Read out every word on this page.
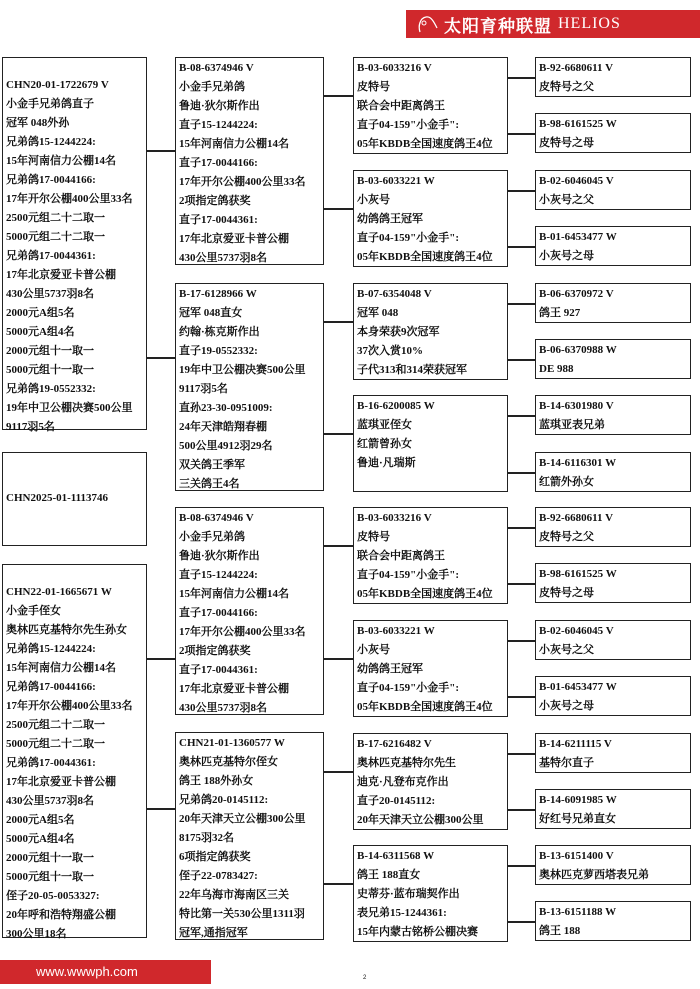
太阳育种联盟 HELIOS
CHN20-01-1722679 V
小金手兄弟鸽直子
冠军 048外孙
兄弟鸽15-1244224:
15年河南信力公棚14名
兄弟鸽17-0044166:
17年开尔公棚400公里33名
2500元组二十二取一
5000元组二十二取一
兄弟鸽17-0044361:
17年北京爱亚卡普公棚
430公里5737羽8名
2000元A组5名
5000元A组4名
2000元组十一取一
5000元组十一取一
兄弟鸽19-0552332:
19年中卫公棚决赛500公里
9117羽5名
CHN2025-01-1113746
CHN22-01-1665671 W
小金手侄女
奥林匹克基特尔先生孙女
兄弟鸽15-1244224:
15年河南信力公棚14名
兄弟鸽17-0044166:
17年开尔公棚400公里33名
2500元组二十二取一
5000元组二十二取一
兄弟鸽17-0044361:
17年北京爱亚卡普公棚
430公里5737羽8名
2000元A组5名
5000元A组4名
2000元组十一取一
5000元组十一取一
侄子20-05-0053327:
20年呼和浩特翔盛公棚
300公里18名
B-08-6374946 V
小金手兄弟鸽
鲁迪·狄尔斯作出
直子15-1244224:
15年河南信力公棚14名
直子17-0044166:
17年开尔公棚400公里33名
2项指定鸽获奖
直子17-0044361:
17年北京爱亚卡普公棚
430公里5737羽8名
B-17-6128966 W
冠军 048直女
约翰·栋克斯作出
直子19-0552332:
19年中卫公棚决赛500公里
9117羽5名
直孙23-30-0951009:
24年天津皓翔春棚
500公里4912羽29名
双关鸽王季军
三关鸽王4名
B-08-6374946 V
小金手兄弟鸽
鲁迪·狄尔斯作出
直子15-1244224:
15年河南信力公棚14名
直子17-0044166:
17年开尔公棚400公里33名
2项指定鸽获奖
直子17-0044361:
17年北京爱亚卡普公棚
430公里5737羽8名
CHN21-01-1360577 W
奥林匹克基特尔侄女
鸽王 188外孙女
兄弟鸽20-0145112:
20年天津天立公棚300公里
8175羽32名
6项指定鸽获奖
侄子22-0783427:
22年乌海市海南区三关
特比第一关530公里1311羽
冠军,通指冠军
B-03-6033216 V
皮特号
联合会中距离鸽王
直子04-159"小金手":
05年KBDB全国速度鸽王4位
B-03-6033221 W
小灰号
幼鸽鸽王冠军
直子04-159"小金手":
05年KBDB全国速度鸽王4位
B-07-6354048 V
冠军 048
本身荣获9次冠军
37次入赏10%
子代313和314荣获冠军
B-16-6200085 W
蓝琪亚侄女
红箭曾孙女
鲁迪·凡瑞斯
B-03-6033216 V
皮特号
联合会中距离鸽王
直子04-159"小金手":
05年KBDB全国速度鸽王4位
B-03-6033221 W
小灰号
幼鸽鸽王冠军
直子04-159"小金手":
05年KBDB全国速度鸽王4位
B-17-6216482 V
奥林匹克基特尔先生
迪克·凡登布克作出
直子20-0145112:
20年天津天立公棚300公里
B-14-6311568 W
鸽王 188直女
史蒂芬·蓝布瑞契作出
表兄弟15-1244361:
15年内蒙古铭桥公棚决赛
B-92-6680611 V
皮特号之父
B-98-6161525 W
皮特号之母
B-02-6046045 V
小灰号之父
B-01-6453477 W
小灰号之母
B-06-6370972 V
鸽王 927
B-06-6370988 W
DE 988
B-14-6301980 V
蓝琪亚表兄弟
B-14-6116301 W
红箭外孙女
B-92-6680611 V
皮特号之父
B-98-6161525 W
皮特号之母
B-02-6046045 V
小灰号之父
B-01-6453477 W
小灰号之母
B-14-6211115 V
基特尔直子
B-14-6091985 W
好红号兄弟直女
B-13-6151400 V
奥林匹克萝西塔表兄弟
B-13-6151188 W
鸽王 188
www.wwwph.com	2
